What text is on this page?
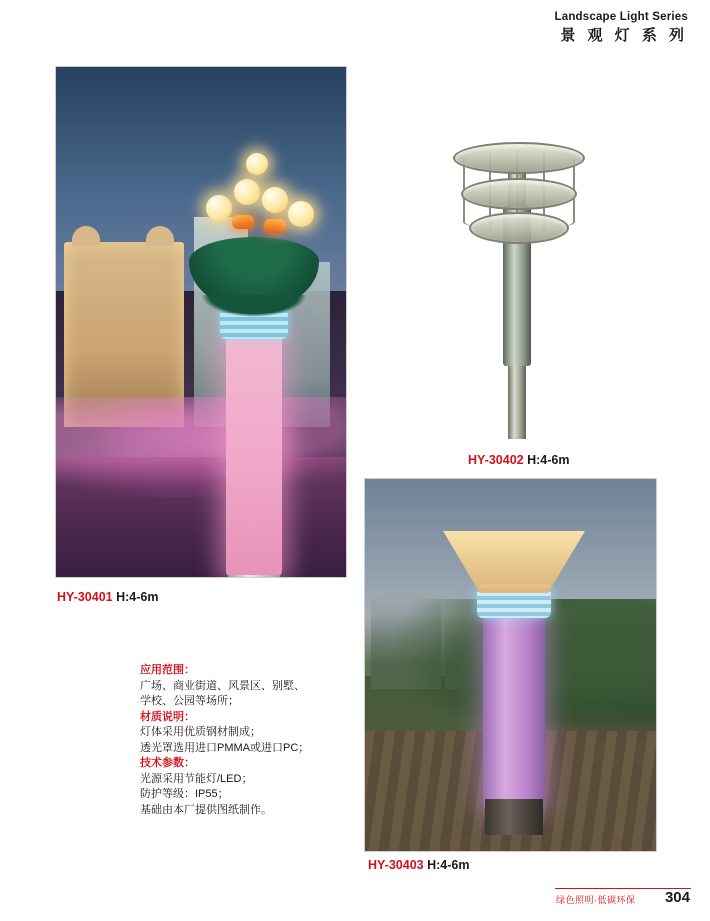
Landscape Light Series
景 观 灯 系 列
HY-30401 H:4-6m
HY-30402 H:4-6m
HY-30403 H:4-6m
应用范围：
广场、商业街道、风景区、别墅、
学校、公园等场所；
材质说明：
灯体采用优质钢材制成；
透光罩选用进口PMMA或进口PC；
技术参数：
光源采用节能灯/LED；
防护等级：IP55；
基础由本厂提供图纸制作。
绿色照明·低碳环保 304
